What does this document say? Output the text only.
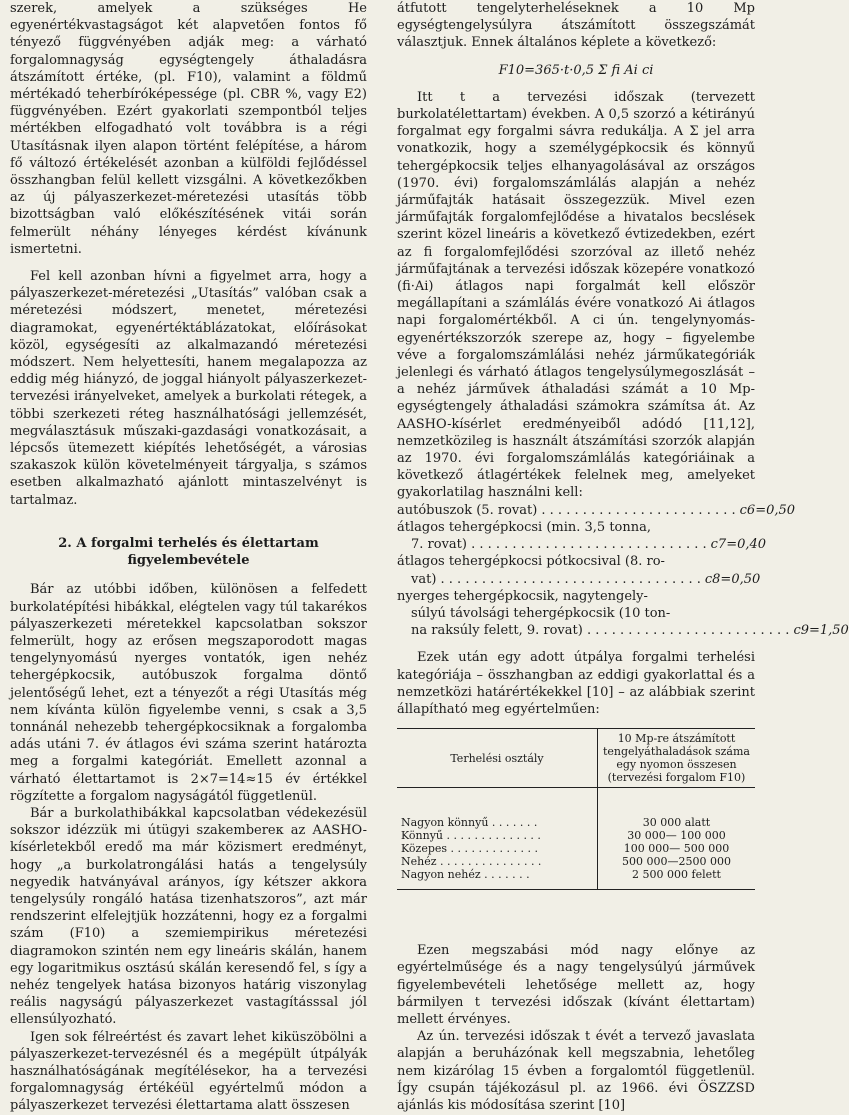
szerek, amelyek a szükséges He egyenértékvastagságot két alapvetően fontos fő tényező függvényében adják meg: a várható forgalomnagyság egységtengely áthaladásra átszámított értéke, (pl. F10), valamint a földmű mértékadó teherbíróképessége (pl. CBR %, vagy E2) függvényében. Ezért gyakorlati szempontból teljes mértékben elfogadható volt továbbra is a régi Utasításnak ilyen alapon történt felépítése, a három fő változó értékelését azonban a külföldi fejlődéssel összhangban felül kellett vizsgálni. A következőkben az új pályaszerkezet-méretezési utasítás több bizottságban való előkészítésének vitái során felmerült néhány lényeges kérdést kívánunk ismertetni.

Fel kell azonban hívni a figyelmet arra, hogy a pályaszerkezet-méretezési „Utasítás” valóban csak a méretezési módszert, menetet, méretezési diagramokat, egyenértéktáblázatokat, előírásokat közöl, egységesíti az alkalmazandó méretezési módszert. Nem helyettesíti, hanem megalapozza az eddig még hiányzó, de joggal hiányolt pályaszerkezet-tervezési irányelveket, amelyek a burkolati rétegek, a többi szerkezeti réteg használhatósági jellemzését, megválasztásuk műszaki-gazdasági vonatkozásait, a lépcsős ütemezett kiépítés lehetőségét, a városias szakaszok külön követelményeit tárgyalja, s számos esetben alkalmazható ajánlott mintaszelvényt is tartalmaz.

2. A forgalmi terhelés és élettartam
figyelembevétele

Bár az utóbbi időben, különösen a felfedett burkolatépítési hibákkal, elégtelen vagy túl takarékos pályaszerkezeti méretekkel kapcsolatban sokszor felmerült, hogy az erősen megszaporodott magas tengelynyomású nyerges vontatók, igen nehéz tehergépkocsik, autóbuszok forgalma döntő jelentőségű lehet, ezt a tényezőt a régi Utasítás még nem kívánta külön figyelembe venni, s csak a 3,5 tonnánál nehezebb tehergépkocsiknak a forgalomba adás utáni 7. év átlagos évi száma szerint határozta meg a forgalmi kategóriát. Emellett azonnal a várható élettartamot is 2×7=14≈15 év értékkel rögzítette a forgalom nagyságától függetlenül.

Bár a burkolathibákkal kapcsolatban védekezésül sokszor idézzük mi útügyi szakembereк az AASHO-kísérletekből eredő ma már közismert eredményt, hogy „a burkolatrongálási hatás a tengelysúly negyedik hatványával arányos, így kétszer akkora tengelysúly rongáló hatása tizenhatszoros”, azt már rendszerint elfelejtjük hozzátenni, hogy ez a forgalmi szám (F10) a szemiempirikus méretezési diagramokon szintén nem egy lineáris skálán, hanem egy logaritmikus osztású skálán keresendő fel, s így a nehéz tengelyek hatása bizonyos határig viszonylag reális nagyságú pályaszerkezet vastagításssal jól ellensúlyozható.

Igen sok félreértést és zavart lehet kiküszöbölni a pályaszerkezet-tervezésnél és a megépült útpályák használhatóságának megítélésekor, ha a tervezési forgalomnagyság értékéül egyértelmű módon a pályaszerkezet tervezési élettartama alatt összesen

átfutott tengelyterheléseknek a 10 Mp egységtengelysúlyra átszámított összegszámát választjuk. Ennek általános képlete a következő:

F10=365·t·0,5 Σ fi Ai ci

Itt t a tervezési időszak (tervezett burkolatélettartam) években. A 0,5 szorzó a kétirányú forgalmat egy forgalmi sávra redukálja. A Σ jel arra vonatkozik, hogy a személygépkocsik és könnyű tehergépkocsik teljes elhanyagolásával az országos (1970. évi) forgalomszámlálás alapján a nehéz járműfajták hatásait összegezzük. Mivel ezen járműfajták forgalomfejlődése a hivatalos becslések szerint közel lineáris a következő évtizedekben, ezért az fi forgalomfejlődési szorzóval az illető nehéz járműfajtának a tervezési időszak közepére vonatkozó (fi·Ai) átlagos napi forgalmát kell először megállapítani a számlálás évére vonatkozó Ai átlagos napi forgalomértékből. A ci ún. tengelynyomás-egyenértékszorzók szerepe az, hogy – figyelembe véve a forgalomszámlálási nehéz járműkategóriák jelenlegi és várható átlagos tengelysúlymegoszlását – a nehéz járművek áthaladási számát a 10 Mp-egységtengely áthaladási számokra számítsa át. Az AASHO-kísérlet eredményeiből adódó [11,12], nemzetközileg is használt átszámítási szorzók alapján az 1970. évi forgalomszámlálás kategóriáinak a következő átlagértékek felelnek meg, amelyeket gyakorlatilag használni kell:

autóbuszok (5. rovat) . . . . . . . . . . . . . . . . . . . . . . . . c6=0,50
átlagos tehergépkocsi (min. 3,5 tonna,
7. rovat) . . . . . . . . . . . . . . . . . . . . . . . . . . . . . c7=0,40
átlagos tehergépkocsi pótkocsival (8. ro-
vat) . . . . . . . . . . . . . . . . . . . . . . . . . . . . . . . . c8=0,50
nyerges tehergépkocsik, nagytengely-
súlyú távolsági tehergépkocsik (10 ton-
na raksúly felett, 9. rovat) . . . . . . . . . . . . . . . . . . . . . . . . . c9=1,50

Ezek után egy adott útpálya forgalmi terhelési kategóriája – összhangban az eddigi gyakorlattal és a nemzetközi határértékekkel [10] – az alábbiak szerint állapítható meg egyértelműen:

Terhelési osztály	10 Mp-re átszámított tengelyáthaladások száma egy nyomon összesen (tervezési forgalom F10)
Nagyon könnyű . . . . . . .	30 000 alatt
Könnyű . . . . . . . . . . . . . .	30 000— 100 000
Közepes . . . . . . . . . . . . .	100 000— 500 000
Nehéz . . . . . . . . . . . . . . .	500 000—2500 000
Nagyon nehéz . . . . . . .	2 500 000 felett

Ezen megszabási mód nagy előnye az egyértelműsége és a nagy tengelysúlyú járművek figyelembevételi lehetősége mellett az, hogy bármilyen t tervezési időszak (kívánt élettartam) mellett érvényes.

Az ún. tervezési időszak t évét a tervező javaslata alapján a beruházónak kell megszabnia, lehetőleg nem kizárólag 15 évben a forgalomtól függetlenül. Így csupán tájékozásul pl. az 1966. évi ÖSZZSD ajánlás kis módosítása szerint [10]
